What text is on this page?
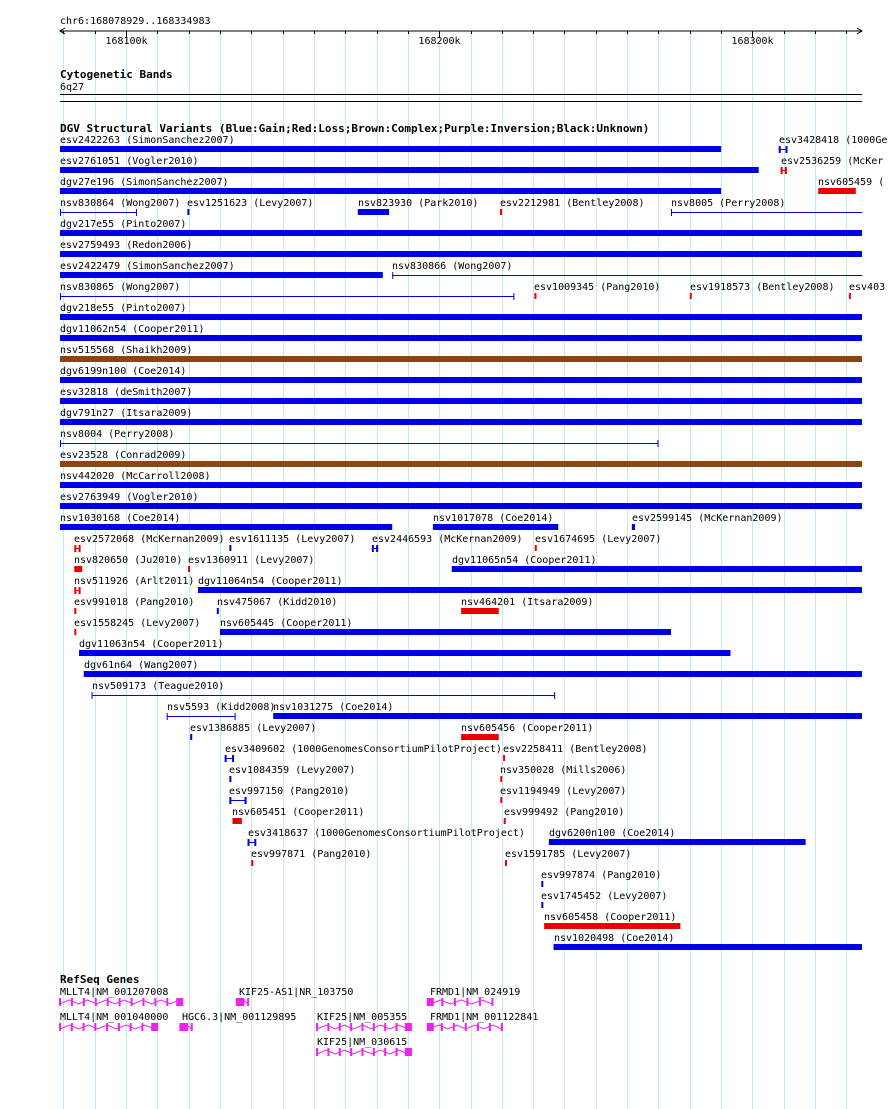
chr6:168078929..168334983
168100k	168200k	168300k
Cytogenetic Bands
6q27
DGV Structural Variants (Blue:Gain;Red:Loss;Brown:Complex;Purple:Inversion;Black:Unknown)
esv2422263 (SimonSanchez2007)	esv3428418 (1000Ge
esv2761051 (Vogler2010)	esv2536259 (McKer
dgv27e196 (SimonSanchez2007)	nsv605459 (
nsv830864 (Wong2007) esv1251623 (Levy2007)	nsv823930 (Park2010) esv2212981 (Bentley2008)	nsv8005 (Perry2008)
dgv217e55 (Pinto2007)
esv2759493 (Redon2006)
esv2422479 (SimonSanchez2007)	nsv830866 (Wong2007)
nsv830865 (Wong2007)	esv1009345 (Pang2010)	esv1918573 (Bentley2008) esv403
dgv218e55 (Pinto2007)
dgv11062n54 (Cooper2011)
nsv515568 (Shaikh2009)
dgv6199n100 (Coe2014)
esv32818 (deSmith2007)
dgv791n27 (Itsara2009)
nsv8004 (Perry2008)
esv23528 (Conrad2009)
nsv442020 (McCarroll2008)
esv2763949 (Vogler2010)
nsv1030168 (Coe2014)	nsv1017078 (Coe2014)	esv2599145 (McKernan2009)
esv2572068 (McKernan2009) esv1611135 (Levy2007) esv2446593 (McKernan2009) esv1674695 (Levy2007)
nsv820650 (Ju2010) esv1360911 (Levy2007)	dgv11065n54 (Cooper2011)
nsv511926 (Arlt2011) dgv11064n54 (Cooper2011)
esv991018 (Pang2010) nsv475067 (Kidd2010)	nsv464201 (Itsara2009)
esv1558245 (Levy2007) nsv605445 (Cooper2011)
dgv11063n54 (Cooper2011)
dgv61n64 (Wang2007)
nsv509173 (Teague2010)
nsv5593 (Kidd2008)
nsv1031275 (Coe2014)
esv1386885 (Levy2007)	nsv605456 (Cooper2011)
esv3409602 (1000GenomesConsortiumPilotProject) esv2258411 (Bentley2008)
esv1084359 (Levy2007)	nsv350028 (Mills2006)
esv997150 (Pang2010)	esv1194949 (Levy2007)
nsv605451 (Cooper2011)	esv999492 (Pang2010)
esv3418637 (1000GenomesConsortiumPilotProject) dgv6200n100 (Coe2014)
esv997871 (Pang2010)	esv1591785 (Levy2007)
esv997874 (Pang2010)
esv1745452 (Levy2007)
nsv605458 (Cooper2011)
nsv1020498 (Coe2014)
RefSeq Genes
MLLT4|NM_001207008	KIF25-AS1|NR_103750	FRMD1|NM_024919
MLLT4|NM_001040000 HGC6.3|NM_001129895 KIF25|NM_005355 FRMD1|NM_001122841
KIF25|NM_030615
